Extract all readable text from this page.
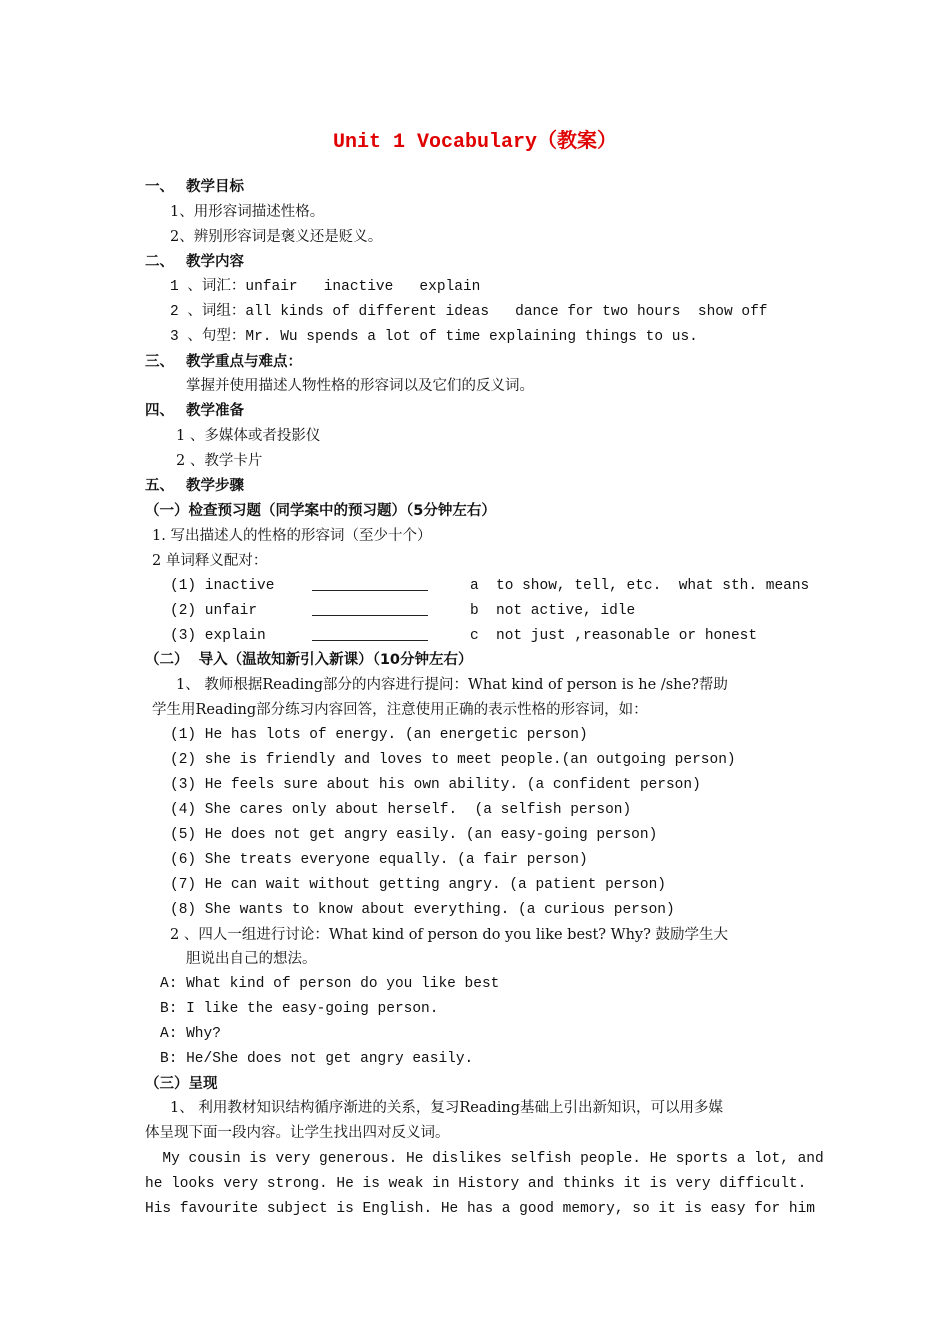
Unit 1 Vocabulary（教案）
一、 教学目标
1、用形容词描述性格。
2、辨别形容词是褒义还是贬义。
二、 教学内容
1 、词汇：unfair   inactive   explain
2 、词组：all kinds of different ideas   dance for two hours  show off
3 、句型：Mr. Wu spends a lot of time explaining things to us.
三、 教学重点与难点：
掌握并使用描述人物性格的形容词以及它们的反义词。
四、 教学准备
1 、多媒体或者投影仪
2 、教学卡片
五、 教学步骤
（一）检查预习题（同学案中的预习题）（5分钟左右）
1. 写出描述人的性格的形容词（至少十个）
2 单词释义配对：
(1) inactive	a to show, tell, etc.  what sth. means
(2) unfair	b not active, idle
(3) explain	c not just ,reasonable or honest
（二）  导入（温故知新引入新课）（10分钟左右）
1、 教师根据Reading部分的内容进行提问：What kind of person is he /she?帮助
学生用Reading部分练习内容回答，注意使用正确的表示性格的形容词，如：
(1) He has lots of energy. (an energetic person)
(2) she is friendly and loves to meet people.(an outgoing person)
(3) He feels sure about his own ability. (a confident person)
(4) She cares only about herself.  (a selfish person)
(5) He does not get angry easily. (an easy-going person)
(6) She treats everyone equally. (a fair person)
(7) He can wait without getting angry. (a patient person)
(8) She wants to know about everything. (a curious person)
2 、四人一组进行讨论：What kind of person do you like best? Why? 鼓励学生大
胆说出自己的想法。
A: What kind of person do you like best
B: I like the easy-going person.
A: Why?
B: He/She does not get angry easily.
（三）呈现
1、 利用教材知识结构循序渐进的关系，复习Reading基础上引出新知识，可以用多媒
体呈现下面一段内容。让学生找出四对反义词。
My cousin is very generous. He dislikes selfish people. He sports a lot, and
he looks very strong. He is weak in History and thinks it is very difficult.
His favourite subject is English. He has a good memory, so it is easy for him
